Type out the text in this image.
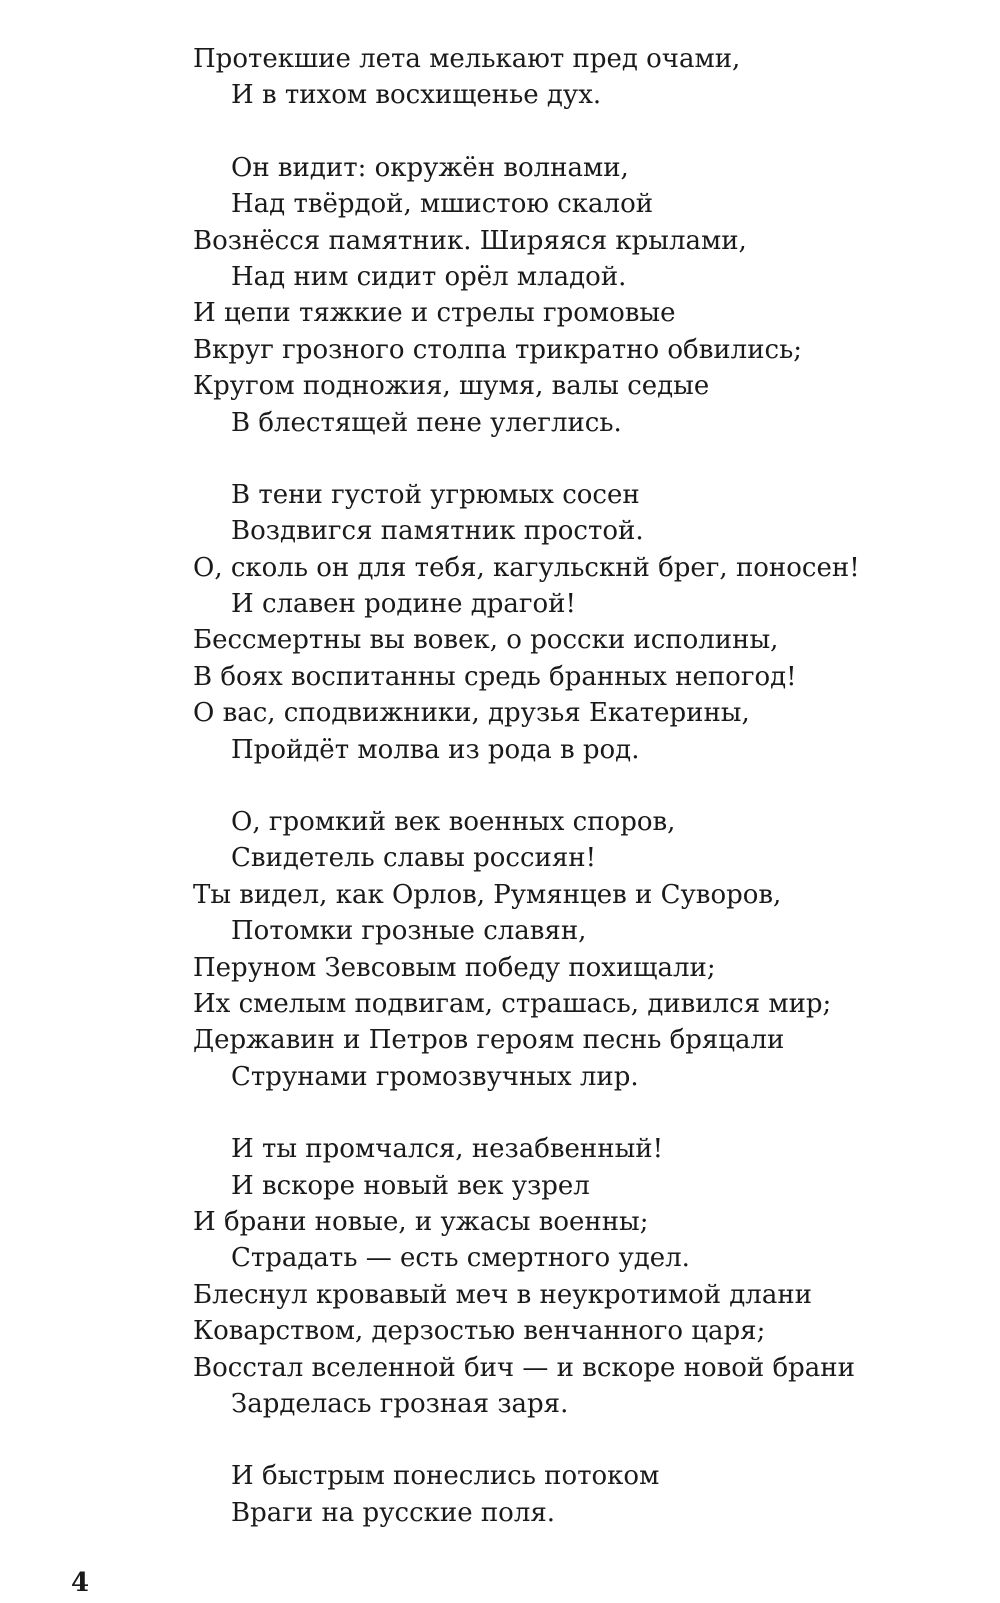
Протекшие лета мелькают пред очами,
И в тихом восхищенье дух.
Он видит: окружён волнами,
Над твёрдой, мшистою скалой
Вознёсся памятник. Ширяяся крылами,
Над ним сидит орёл младой.
И цепи тяжкие и стрелы громовые
Вкруг грозного столпа трикратно обвились;
Кругом подножия, шумя, валы седые
В блестящей пене улеглись.
В тени густой угрюмых сосен
Воздвигся памятник простой.
О, сколь он для тебя, кагульскнй брег, поносен!
И славен родине драгой!
Бессмертны вы вовек, о росски исполины,
В боях воспитанны средь бранных непогод!
О вас, сподвижники, друзья Екатерины,
Пройдёт молва из рода в род.
О, громкий век военных споров,
Свидетель славы россиян!
Ты видел, как Орлов, Румянцев и Суворов,
Потомки грозные славян,
Перуном Зевсовым победу похищали;
Их смелым подвигам, страшась, дивился мир;
Державин и Петров героям песнь бряцали
Струнами громозвучных лир.
И ты промчался, незабвенный!
И вскоре новый век узрел
И брани новые, и ужасы военны;
Страдать — есть смертного удел.
Блеснул кровавый меч в неукротимой длани
Коварством, дерзостью венчанного царя;
Восстал вселенной бич — и вскоре новой брани
Зарделась грозная заря.
И быстрым понеслись потоком
Враги на русские поля.
4
